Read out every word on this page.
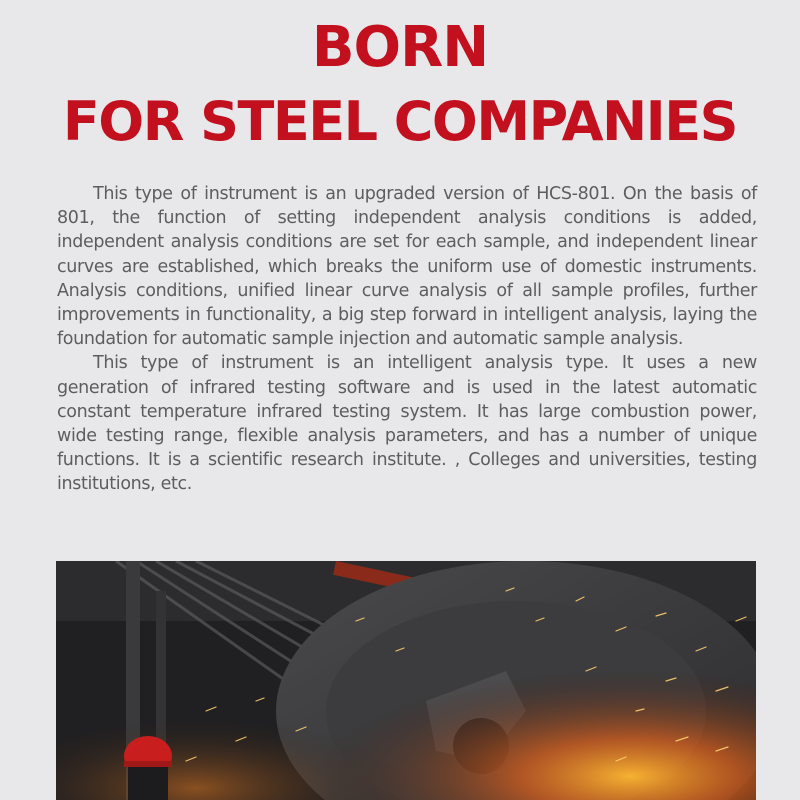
BORN
FOR STEEL COMPANIES

This type of instrument is an upgraded version of HCS-801. On the basis of 801, the function of setting independent analysis conditions is added, independent analysis conditions are set for each sample, and independent linear curves are established, which breaks the uniform use of domestic instruments. Analysis conditions, unified linear curve analysis of all sample profiles, further improvements in functionality, a big step forward in intelligent analysis, laying the foundation for automatic sample injection and automatic sample analysis.

This type of instrument is an intelligent analysis type. It uses a new generation of infrared testing software and is used in the latest automatic constant temperature infrared testing system. It has large combustion power, wide testing range, flexible analysis parameters, and has a number of unique functions. It is a scientific research institute. , Colleges and universities, testing institutions, etc.
